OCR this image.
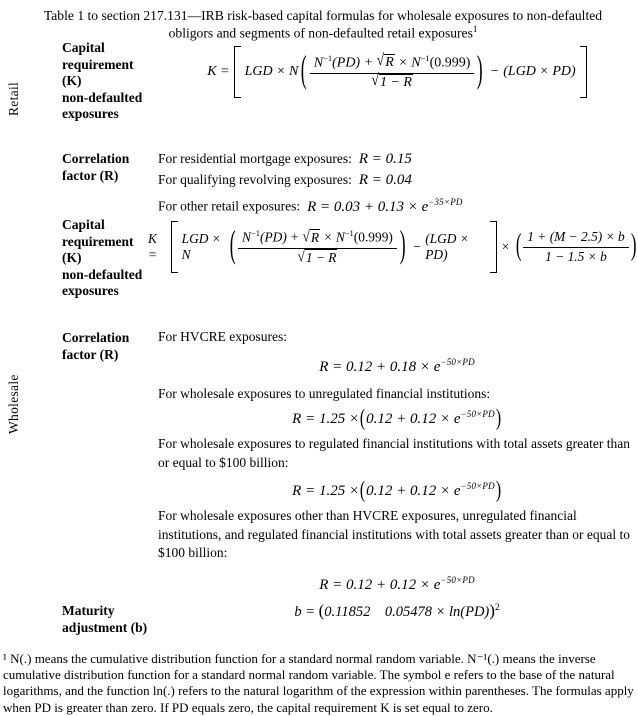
Table 1 to section 217.131—IRB risk-based capital formulas for wholesale exposures to non-defaulted
obligors and segments of non-defaulted retail exposures$^1$
Retail
Wholesale
Capital
requirement
(K)
non-defaulted
exposures
K = LGD × N ( $\frac{N^{-1}(PD) + √R \times N^{-1}(0.999)}{√1 - R}$ ) − (LGD × PD)
Correlation
factor (R)
For residential mortgage exposures: R = 0.15
For qualifying revolving exposures: R = 0.04
For other retail exposures: $R = 0.03 + 0.13 \times e^{-35\times PD}$
Capital
requirement
(K)
non-defaulted
exposures
K =
LGD × N	( $\frac{N^{-1}(PD) + √R \times N^{-1}(0.999)}{√1 - R}$ ) −
(LGD × PD)
× ( $\frac{1 + (M - 2.5) \times b}{1 - 1.5 \times b}$ )
Correlation
factor (R)
For HVCRE exposures:
$R = 0.12 + 0.18 \times e^{-50\times PD}$
For wholesale exposures to unregulated financial institutions:
$R = 1.25 \times(0.12 + 0.12 \times e^{-50\times PD})$
For wholesale exposures to regulated financial institutions with total assets greater than or equal to $100 billion:
$R = 1.25 \times(0.12 + 0.12 \times e^{-50\times PD})$
For wholesale exposures other than HVCRE exposures, unregulated financial institutions, and regulated financial institutions with total assets greater than or equal to $100 billion:
$R = 0.12 + 0.12 \times e^{-50\times PD}$
Maturity
adjustment (b)
b = (0.11852  0.05478 × ln(PD))$^2$
¹ N(.) means the cumulative distribution function for a standard normal random variable. N⁻¹(.) means the inverse cumulative distribution function for a standard normal random variable. The symbol e refers to the base of the natural logarithms, and the function ln(.) refers to the natural logarithm of the expression within parentheses. The formulas apply when PD is greater than zero. If PD equals zero, the capital requirement K is set equal to zero.
